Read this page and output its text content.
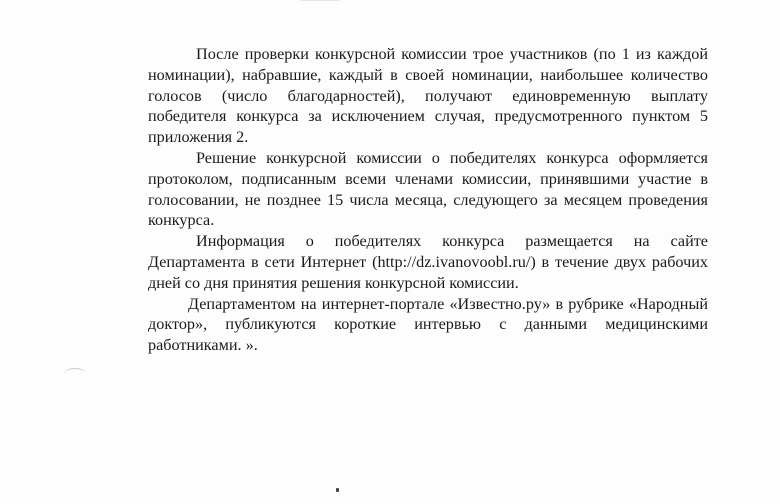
После проверки конкурсной комиссии трое участников (по 1 из каждой номинации), набравшие, каждый в своей номинации, наибольшее количество голосов (число благодарностей), получают единовременную выплату победителя конкурса за исключением случая, предусмотренного пунктом 5 приложения 2.

Решение конкурсной комиссии о победителях конкурса оформляется протоколом, подписанным всеми членами комиссии, принявшими участие в голосовании, не позднее 15 числа месяца, следующего за месяцем проведения конкурса.

Информация о победителях конкурса размещается на сайте Департамента в сети Интернет (http://dz.ivanovoobl.ru/) в течение двух рабочих дней со дня принятия решения конкурсной комиссии.

Департаментом на интернет-портале «Известно.ру» в рубрике «Народный доктор», публикуются короткие интервью с данными медицинскими работниками. ».
